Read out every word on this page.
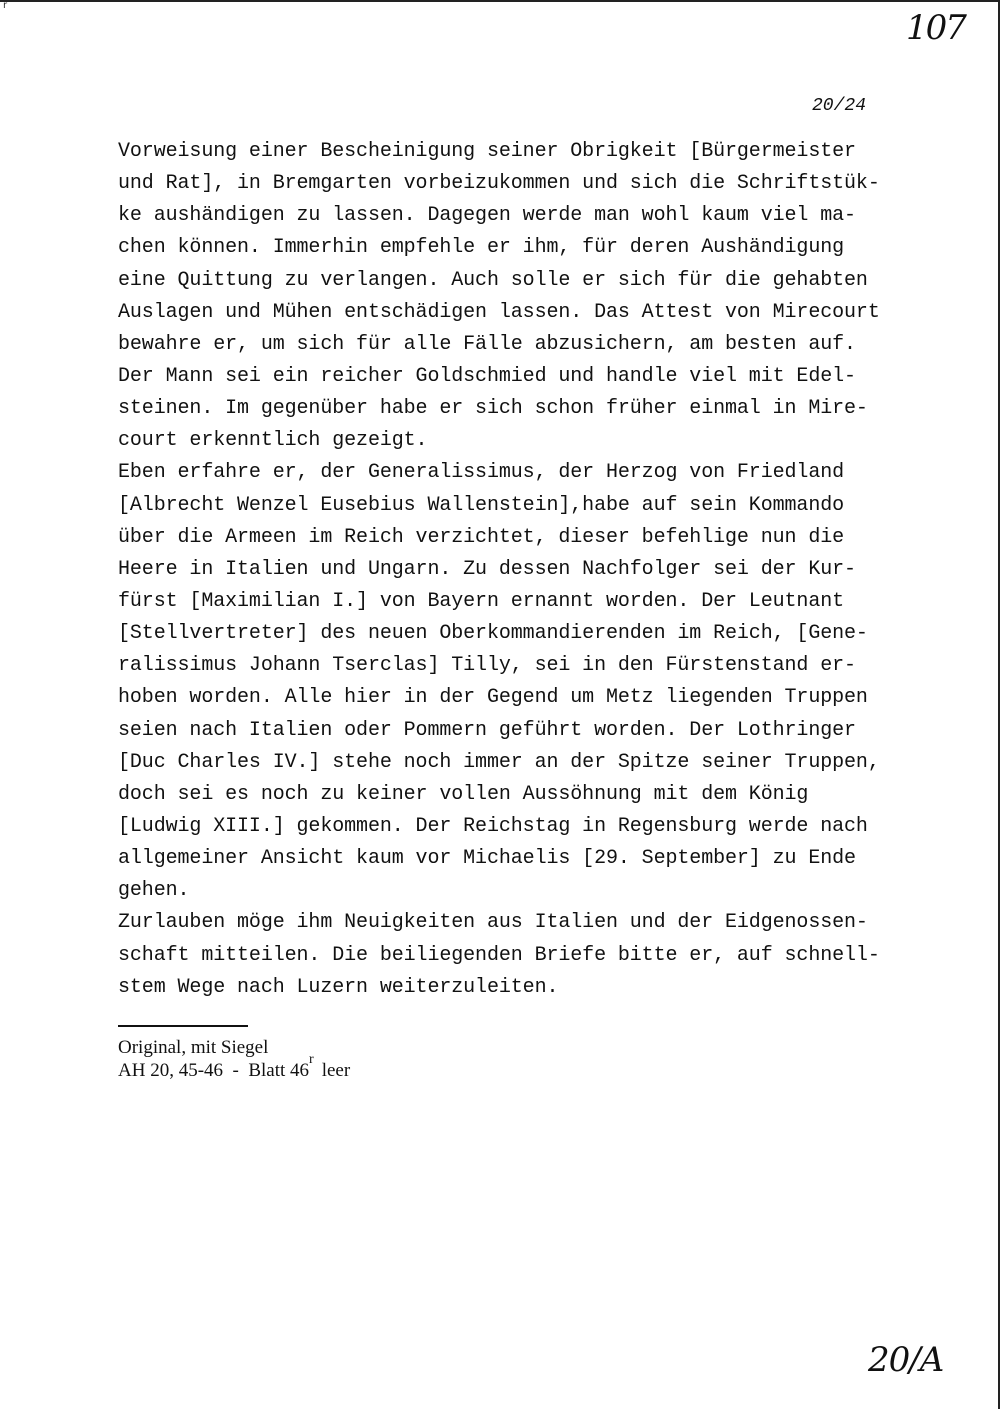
r
107
20/24
Vorweisung einer Bescheinigung seiner Obrigkeit [Bürgermeister
und Rat], in Bremgarten vorbeizukommen und sich die Schriftstük-
ke aushändigen zu lassen. Dagegen werde man wohl kaum viel ma-
chen können. Immerhin empfehle er ihm, für deren Aushändigung
eine Quittung zu verlangen. Auch solle er sich für die gehabten
Auslagen und Mühen entschädigen lassen. Das Attest von Mirecourt
bewahre er, um sich für alle Fälle abzusichern, am besten auf.
Der Mann sei ein reicher Goldschmied und handle viel mit Edel-
steinen. Im gegenüber habe er sich schon früher einmal in Mire-
court erkenntlich gezeigt.
Eben erfahre er, der Generalissimus, der Herzog von Friedland
[Albrecht Wenzel Eusebius Wallenstein],habe auf sein Kommando
über die Armeen im Reich verzichtet, dieser befehlige nun die
Heere in Italien und Ungarn. Zu dessen Nachfolger sei der Kur-
fürst [Maximilian I.] von Bayern ernannt worden. Der Leutnant
[Stellvertreter] des neuen Oberkommandierenden im Reich, [Gene-
ralissimus Johann Tserclas] Tilly, sei in den Fürstenstand er-
hoben worden. Alle hier in der Gegend um Metz liegenden Truppen
seien nach Italien oder Pommern geführt worden. Der Lothringer
[Duc Charles IV.] stehe noch immer an der Spitze seiner Truppen,
doch sei es noch zu keiner vollen Aussöhnung mit dem König
[Ludwig XIII.] gekommen. Der Reichstag in Regensburg werde nach
allgemeiner Ansicht kaum vor Michaelis [29. September] zu Ende
gehen.
Zurlauben möge ihm Neuigkeiten aus Italien und der Eidgenossen-
schaft mitteilen. Die beiliegenden Briefe bitte er, auf schnell-
stem Wege nach Luzern weiterzuleiten.
Original, mit Siegel
AH 20, 45-46  -  Blatt 46$^r$leer
20/A
